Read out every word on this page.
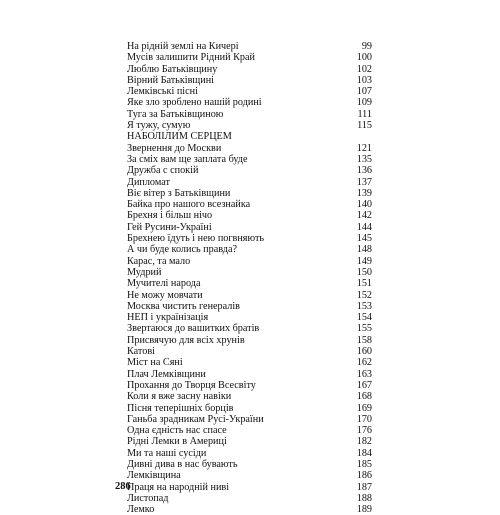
На рідній землі на Кичері	99
Мусів залишити Рідний Край	100
Люблю Батьківщину	102
Вірний Батьківщині	103
Лемківські пісні	107
Яке зло зроблено нашій родині	109
Туга за Батьківщиною	111
Я тужу, сумую	115
НАБОЛІЛИМ СЕРЦЕМ
Звернення до Москви	121
За сміх вам ще заплата буде	135
Дружба с спокій	136
Дипломат	137
Віє вітер з Батьківщини	139
Байка про нашого всезнайка	140
Брехня і більш нічо	142
Гей Русини-Україні	144
Брехнею їдуть і нею погвняють	145
А чи буде колись правда?	148
Карас, та мало	149
Мудрий	150
Мучителі народа	151
Не можу мовчати	152
Москва чистить генералів	153
НЕП і українізація	154
Звертаюся до вашитких братів	155
Присвячую для всіх хрунів	158
Катові	160
Міст на Сяні	162
Плач Лемківщини	163
Прохання до Творця Всесвіту	167
Коли я вже засну навіки	168
Пісня теперішніх борців	169
Ганьба зрадникам Русі-України	170
Одна єдність нас спасе	176
Рідні Лемки в Америці	182
Ми та наші сусіди	184
Дивні дива в нас бувають	185
Лемківщина	186
Праця на народній ниві	187
Листопад	188
Лемко	189
286
